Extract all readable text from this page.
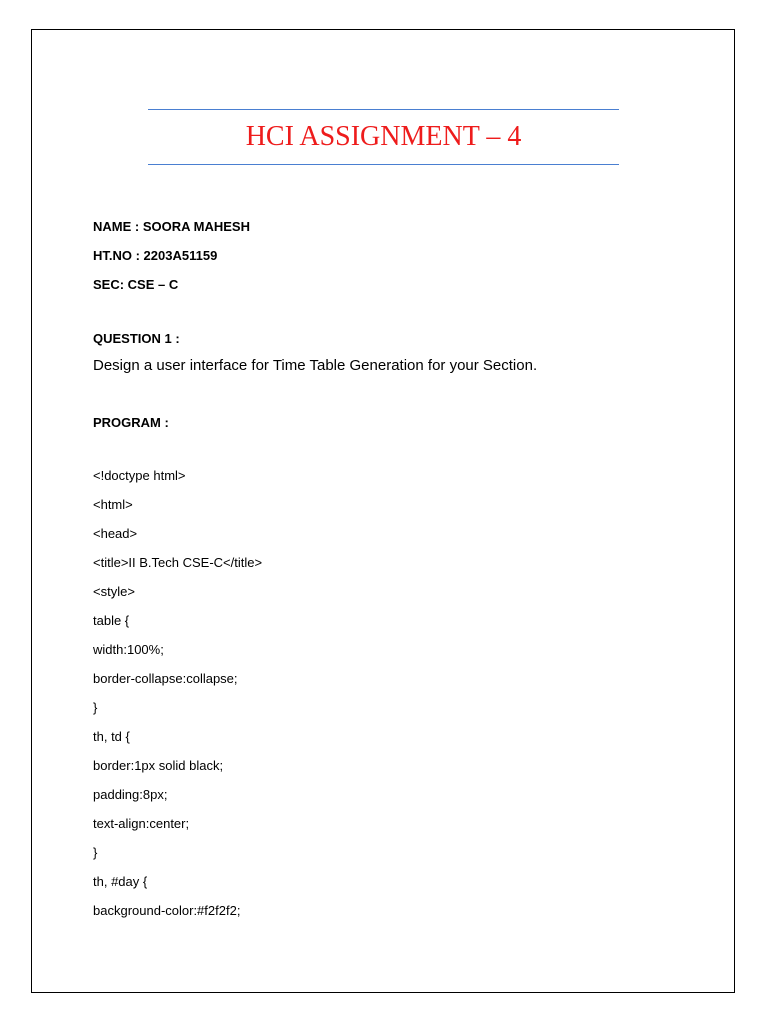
HCI ASSIGNMENT – 4
NAME : SOORA MAHESH
HT.NO : 2203A51159
SEC: CSE – C
QUESTION 1 :
Design a user interface for Time Table Generation for your Section.
PROGRAM :
<!doctype html>
<html>
<head>
<title>II B.Tech CSE-C</title>
<style>
table {
width:100%;
border-collapse:collapse;
}
th, td {
border:1px solid black;
padding:8px;
text-align:center;
}
th, #day {
background-color:#f2f2f2;
